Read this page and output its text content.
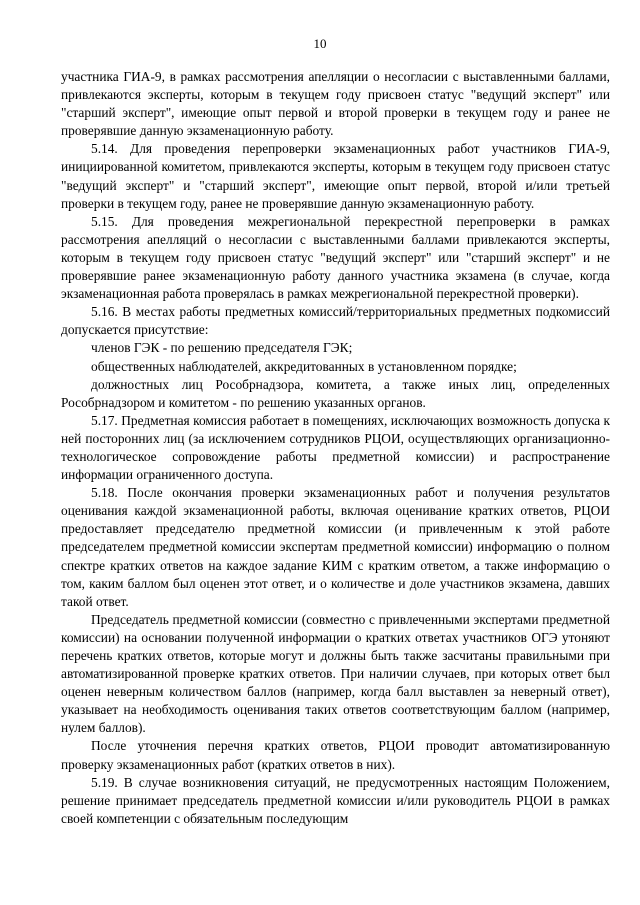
10

участника ГИА-9, в рамках рассмотрения апелляции о несогласии с выставленными баллами, привлекаются эксперты, которым в текущем году присвоен статус "ведущий эксперт" или "старший эксперт", имеющие опыт первой и второй проверки в текущем году и ранее не проверявшие данную экзаменационную работу.

5.14. Для проведения перепроверки экзаменационных работ участников ГИА-9, инициированной комитетом, привлекаются эксперты, которым в текущем году присвоен статус "ведущий эксперт" и "старший эксперт", имеющие опыт первой, второй и/или третьей проверки в текущем году, ранее не проверявшие данную экзаменационную работу.

5.15. Для проведения межрегиональной перекрестной перепроверки в рамках рассмотрения апелляций о несогласии с выставленными баллами привлекаются эксперты, которым в текущем году присвоен статус "ведущий эксперт" или "старший эксперт" и не проверявшие ранее экзаменационную работу данного участника экзамена (в случае, когда экзаменационная работа проверялась в рамках межрегиональной перекрестной проверки).

5.16. В местах работы предметных комиссий/территориальных предметных подкомиссий допускается присутствие:

членов ГЭК - по решению председателя ГЭК;

общественных наблюдателей, аккредитованных в установленном порядке;

должностных лиц Рособрнадзора, комитета, а также иных лиц, определенных Рособрнадзором и комитетом - по решению указанных органов.

5.17. Предметная комиссия работает в помещениях, исключающих возможность допуска к ней посторонних лиц (за исключением сотрудников РЦОИ, осуществляющих организационно-технологическое сопровождение работы предметной комиссии) и распространение информации ограниченного доступа.

5.18. После окончания проверки экзаменационных работ и получения результатов оценивания каждой экзаменационной работы, включая оценивание кратких ответов, РЦОИ предоставляет председателю предметной комиссии (и привлеченным к этой работе председателем предметной комиссии экспертам предметной комиссии) информацию о полном спектре кратких ответов на каждое задание КИМ с кратким ответом, а также информацию о том, каким баллом был оценен этот ответ, и о количестве и доле участников экзамена, давших такой ответ.

Председатель предметной комиссии (совместно с привлеченными экспертами предметной комиссии) на основании полученной информации о кратких ответах участников ОГЭ утоняют перечень кратких ответов, которые могут и должны быть также засчитаны правильными при автоматизированной проверке кратких ответов. При наличии случаев, при которых ответ был оценен неверным количеством баллов (например, когда балл выставлен за неверный ответ), указывает на необходимость оценивания таких ответов соответствующим баллом (например, нулем баллов).

После уточнения перечня кратких ответов, РЦОИ проводит автоматизированную проверку экзаменационных работ (кратких ответов в них).

5.19. В случае возникновения ситуаций, не предусмотренных настоящим Положением, решение принимает председатель предметной комиссии и/или руководитель РЦОИ в рамках своей компетенции с обязательным последующим
